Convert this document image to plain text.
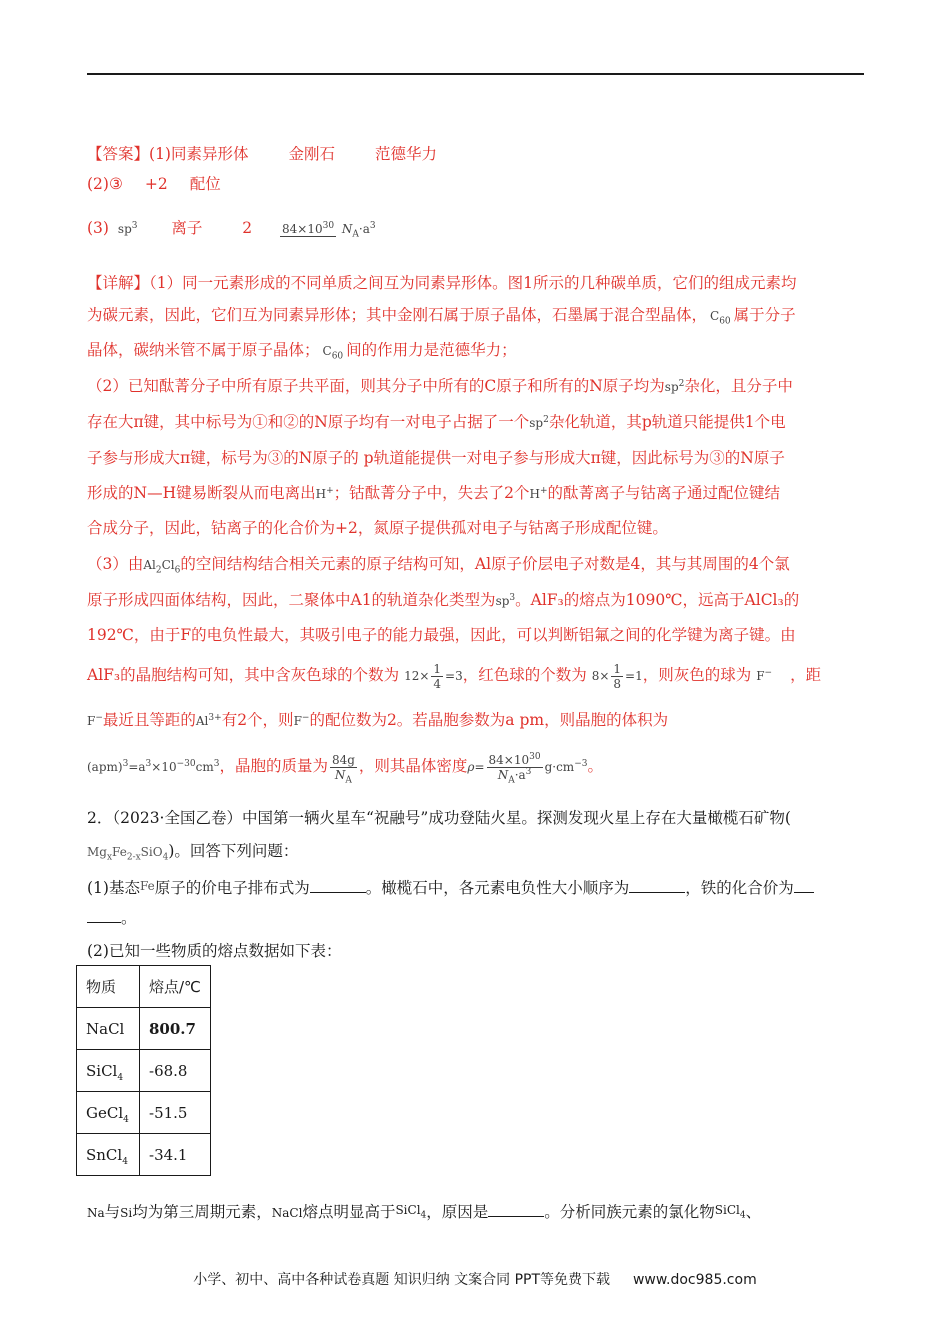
【答案】(1)同素异形体	金刚石	范德华力
(2)③ +2 配位
(3) $sp^3$ 离子	2 $84\times 10^{30}$ $N_A\cdot a^3$
【详解】（1）同一元素形成的不同单质之间互为同素异形体。图1所示的几种碳单质，它们的组成元素均
为碳元素，因此，它们互为同素异形体；其中金刚石属于原子晶体，石墨属于混合型晶体， $C_{60}$ 属于分子
晶体，碳纳米管不属于原子晶体； $C_{60}$ 间的作用力是范德华力；
（2）已知酞菁分子中所有原子共平面，则其分子中所有的C原子和所有的N原子均为$sp^2$杂化，且分子中
存在大π键，其中标号为①和②的N原子均有一对电子占据了一个$sp^2$杂化轨道，其p轨道只能提供1个电
子参与形成大π键，标号为③的N原子的 p轨道能提供一对电子参与形成大π键，因此标号为③的N原子
形成的N—H键易断裂从而电离出H+；钴酞菁分子中，失去了2个H+的酞菁离子与钴离子通过配位键结
合成分子，因此，钴离子的化合价为+2，氮原子提供孤对电子与钴离子形成配位键。
（3）由$Al_2Cl_6$的空间结构结合相关元素的原子结构可知，Al原子价层电子对数是4，其与其周围的4个氯
原子形成四面体结构，因此，二聚体中A1的轨道杂化类型为$sp^3$。AlF₃的熔点为1090℃，远高于AlCl₃的
192℃，由于F的电负性最大，其吸引电子的能力最强，因此，可以判断铝氟之间的化学键为离子键。由
AlF₃的晶胞结构可知，其中含灰色球的个数为 $12\times \frac{1}{4} =3$，红色球的个数为 $8\times \frac{1}{8} =1$，则灰色的球为 F− ，距
F−最近且等距的$Al^{3+}$有2个，则F−的配位数为2。若晶胞参数为a pm，则晶胞的体积为
$(apm)^3=a^3\times 10^{-30}cm^3$，晶胞的质量为 $\frac{84g}{N_A}$ ，则其晶体密度$\rho= \frac{84\times 10^{30}}{N_A\cdot a^3} g\cdot cm^{-3}$。
2．（2023·全国乙卷）中国第一辆火星车“祝融号”成功登陆火星。探测发现火星上存在大量橄榄石矿物(
$Mg_xFe_{2-x}SiO_4$)。回答下列问题：
(1)基态Fe原子的价电子排布式为	。橄榄石中，各元素电负性大小顺序为	，铁的化合价为
。
(2)已知一些物质的熔点数据如下表：
物质	熔点/℃
NaCl	800.7
SiCl$_4$	-68.8
GeCl$_4$	-51.5
SnCl$_4$	-34.1
Na与Si均为第三周期元素，NaCl熔点明显高于SiCl$_4$，原因是	。分析同族元素的氯化物SiCl$_4$、
小学、初中、高中各种试卷真题 知识归纳 文案合同 PPT等免费下载 www.doc985.com
